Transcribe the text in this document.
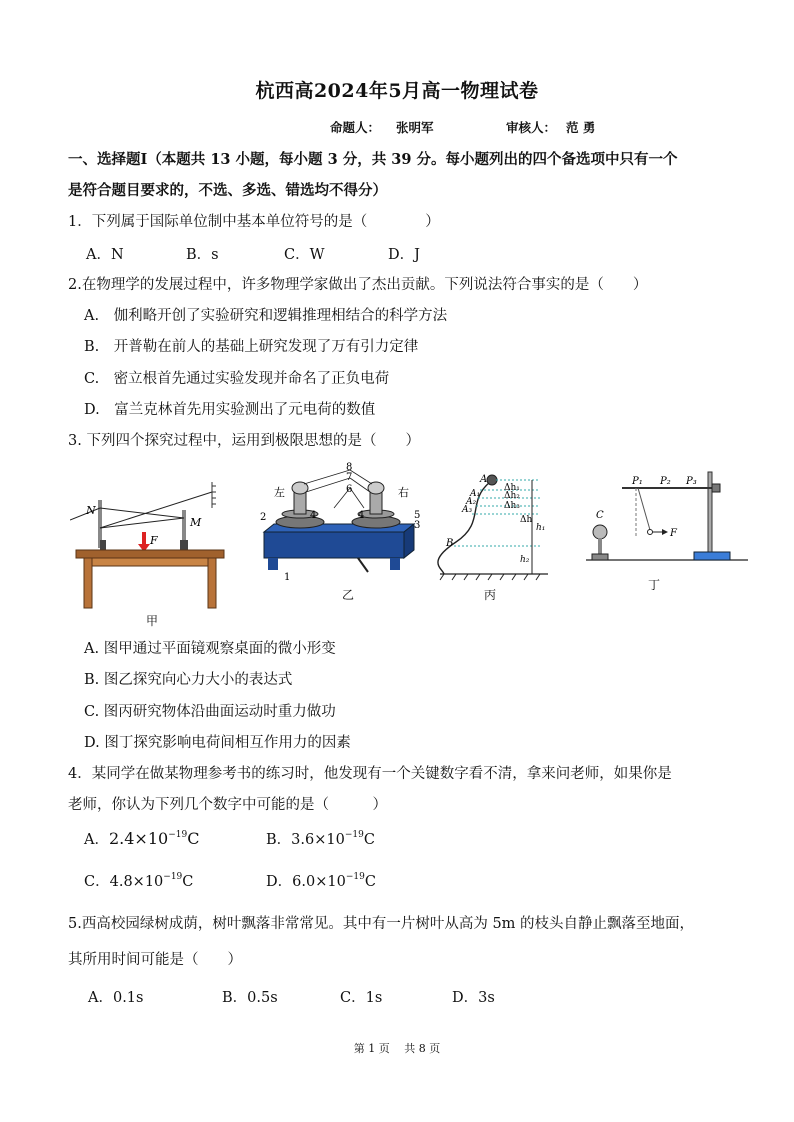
杭西高2024年5月高一物理试卷
命题人： 张明军	审核人： 范 勇
一、选择题Ⅰ（本题共 13 小题，每小题 3 分，共 39 分。每小题列出的四个备选项中只有一个
是符合题目要求的，不选、多选、错选均不得分）
1．下列属于国际单位制中基本单位符号的是（　　　　）
A．N	B．s	C．W	D．J
2.在物理学的发展过程中，许多物理学家做出了杰出贡献。下列说法符合事实的是（　　）
A.　伽利略开创了实验研究和逻辑推理相结合的科学方法
B.　开普勒在前人的基础上研究发现了万有引力定律
C.　密立根首先通过实验发现并命名了正负电荷
D.　富兰克林首先用实验测出了元电荷的数值
3. 下列四个探究过程中，运用到极限思想的是（　　）
F
N
M
甲
左	右
8
7
6
2	4	4	5
3
1
乙
A
A₁
A₂
A₃
B
Δh₁
Δh₂
Δh₃
Δh
h₁
h₂
丙
P₁ P₂ P₃
C
F
丁
A. 图甲通过平面镜观察桌面的微小形变
B. 图乙探究向心力大小的表达式
C. 图丙研究物体沿曲面运动时重力做功
D. 图丁探究影响电荷间相互作用力的因素
4．某同学在做某物理参考书的练习时，他发现有一个关键数字看不清，拿来问老师，如果你是
老师，你认为下列几个数字中可能的是（　　　）
A．$2.4\times 10^{-19}C$	B．$3.6\times 10^{-19}C$
C．$4.8\times 10^{-19}C$	D．$6.0\times 10^{-19}C$
5.西高校园绿树成荫，树叶飘落非常常见。其中有一片树叶从高为 5m 的枝头自静止飘落至地面，
其所用时间可能是（　　）
A．0.1s	B．0.5s	C．1s	D．3s
第 1 页　 共 8 页
